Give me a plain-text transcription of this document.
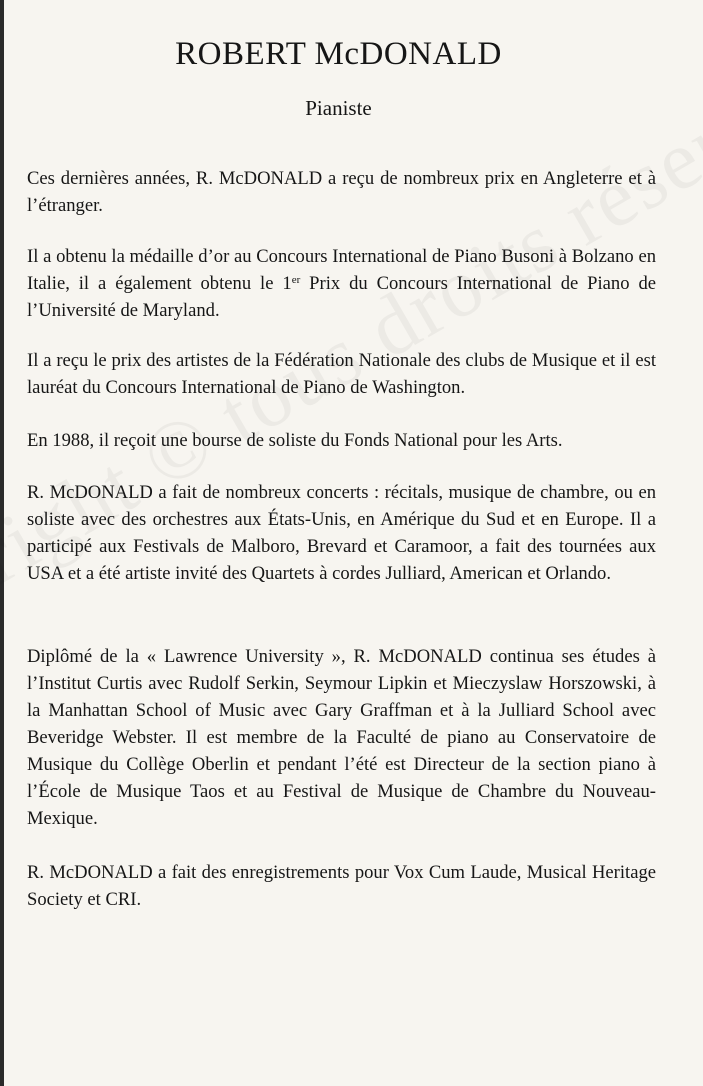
ROBERT McDONALD
Pianiste

Ces dernières années, R. McDONALD a reçu de nombreux prix en Angleterre et à l’étranger.

Il a obtenu la médaille d’or au Concours International de Piano Busoni à Bolzano en Italie, il a également obtenu le 1er Prix du Concours International de Piano de l’Université de Maryland.

Il a reçu le prix des artistes de la Fédération Nationale des clubs de Musique et il est lauréat du Concours International de Piano de Washington.

En 1988, il reçoit une bourse de soliste du Fonds National pour les Arts.

R. McDONALD a fait de nombreux concerts : récitals, musique de chambre, ou en soliste avec des orchestres aux États-Unis, en Amérique du Sud et en Europe. Il a participé aux Festivals de Malboro, Brevard et Caramoor, a fait des tournées aux USA et a été artiste invité des Quartets à cordes Julliard, American et Orlando.

Diplômé de la « Lawrence University », R. McDONALD continua ses études à l’Institut Curtis avec Rudolf Serkin, Seymour Lipkin et Mieczyslaw Horszowski, à la Manhattan School of Music avec Gary Graffman et à la Julliard School avec Beveridge Webster. Il est membre de la Faculté de piano au Conservatoire de Musique du Collège Oberlin et pendant l’été est Directeur de la section piano à l’École de Musique Taos et au Festival de Musique de Chambre du Nouveau-Mexique.

R. McDONALD a fait des enregistrements pour Vox Cum Laude, Musical Heritage Society et CRI.
